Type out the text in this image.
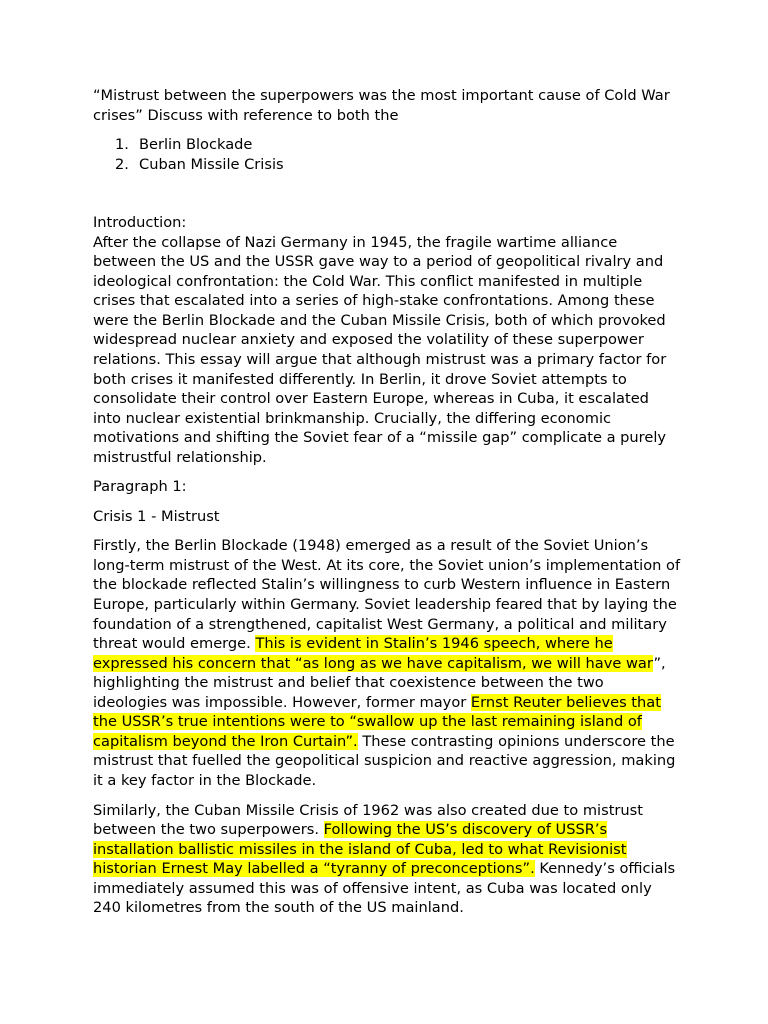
“Mistrust between the superpowers was the most important cause of Cold War crises” Discuss with reference to both the

1. Berlin Blockade
2. Cuban Missile Crisis

Introduction:

After the collapse of Nazi Germany in 1945, the fragile wartime alliance between the US and the USSR gave way to a period of geopolitical rivalry and ideological confrontation: the Cold War. This conflict manifested in multiple crises that escalated into a series of high-stake confrontations. Among these were the Berlin Blockade and the Cuban Missile Crisis, both of which provoked widespread nuclear anxiety and exposed the volatility of these superpower relations. This essay will argue that although mistrust was a primary factor for both crises it manifested differently. In Berlin, it drove Soviet attempts to consolidate their control over Eastern Europe, whereas in Cuba, it escalated into nuclear existential brinkmanship. Crucially, the differing economic motivations and shifting the Soviet fear of a “missile gap” complicate a purely mistrustful relationship.

Paragraph 1:

Crisis 1 - Mistrust

Firstly, the Berlin Blockade (1948) emerged as a result of the Soviet Union’s long-term mistrust of the West. At its core, the Soviet union’s implementation of the blockade reflected Stalin’s willingness to curb Western influence in Eastern Europe, particularly within Germany. Soviet leadership feared that by laying the foundation of a strengthened, capitalist West Germany, a political and military threat would emerge. This is evident in Stalin’s 1946 speech, where he expressed his concern that “as long as we have capitalism, we will have war”, highlighting the mistrust and belief that coexistence between the two ideologies was impossible. However, former mayor Ernst Reuter believes that the USSR’s true intentions were to “swallow up the last remaining island of capitalism beyond the Iron Curtain”. These contrasting opinions underscore the mistrust that fuelled the geopolitical suspicion and reactive aggression, making it a key factor in the Blockade.

Similarly, the Cuban Missile Crisis of 1962 was also created due to mistrust between the two superpowers. Following the US’s discovery of USSR’s installation ballistic missiles in the island of Cuba, led to what Revisionist historian Ernest May labelled a “tyranny of preconceptions”. Kennedy’s officials immediately assumed this was of offensive intent, as Cuba was located only 240 kilometres from the south of the US mainland.
